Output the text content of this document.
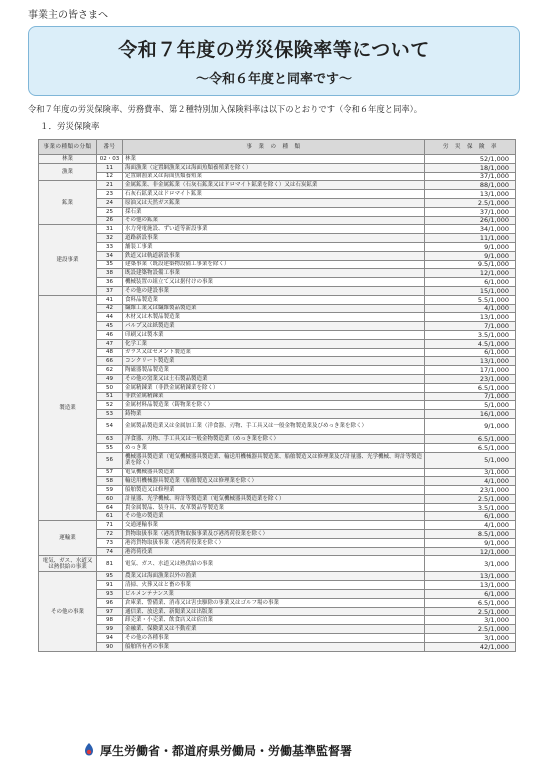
事業主の皆さまへ
令和７年度の労災保険率等について
～令和６年度と同率です～
令和７年度の労災保険率、労務費率、第２種特別加入保険料率は以下のとおりです（令和６年度と同率）。
１．労災保険率
事業の種類の分類	番号	事　業　の　種　類	労　災　保　険　率
林業	02・03	林業	52/1,000
漁業	11	海面漁業（定置網漁業又は海面魚類養殖業を除く）	18/1,000
	12	定置網漁業又は海面魚類養殖業	37/1,000
鉱業	21	金属鉱業、非金属鉱業（石灰石鉱業又はドロマイト鉱業を除く）又は石炭鉱業	88/1,000
	23	石灰石鉱業又はドロマイト鉱業	13/1,000
	24	原油又は天然ガス鉱業	2.5/1,000
	25	採石業	37/1,000
	26	その他の鉱業	26/1,000
建設事業	31	水力発電施設、ずい道等新設事業	34/1,000
	32	道路新設事業	11/1,000
	33	舗装工事業	9/1,000
	34	鉄道又は軌道新設事業	9/1,000
	35	建築事業（既設建築物設備工事業を除く）	9.5/1,000
	38	既設建築物設備工事業	12/1,000
	36	機械装置の組立て又は据付けの事業	6/1,000
	37	その他の建設事業	15/1,000
製造業	41	食料品製造業	5.5/1,000
	42	繊維工業又は繊維製品製造業	4/1,000
	44	木材又は木製品製造業	13/1,000
	45	パルプ又は紙製造業	7/1,000
	46	印刷又は製本業	3.5/1,000
	47	化学工業	4.5/1,000
	48	ガラス又はセメント製造業	6/1,000
	66	コンクリート製造業	13/1,000
	62	陶磁器製品製造業	17/1,000
	49	その他の窯業又は土石製品製造業	23/1,000
	50	金属精錬業（非鉄金属精錬業を除く）	6.5/1,000
	51	非鉄金属精錬業	7/1,000
	52	金属材料品製造業（鋳物業を除く）	5/1,000
	53	鋳物業	16/1,000
	54	金属製品製造業又は金属加工業（洋食器、刃物、手工具又は一般金物製造業及びめっき業を除く）	9/1,000
	63	洋食器、刃物、手工具又は一般金物製造業（めっき業を除く）	6.5/1,000
	55	めっき業	6.5/1,000
	56	機械器具製造業（電気機械器具製造業、輸送用機械器具製造業、船舶製造又は修理業及び計量器、光学機械、時計等製造業を除く）	5/1,000
	57	電気機械器具製造業	3/1,000
	58	輸送用機械器具製造業（船舶製造又は修理業を除く）	4/1,000
	59	船舶製造又は修理業	23/1,000
	60	計量器、光学機械、時計等製造業（電気機械器具製造業を除く）	2.5/1,000
	64	貴金属製品、装身具、皮革製品等製造業	3.5/1,000
	61	その他の製造業	6/1,000
運輸業	71	交通運輸事業	4/1,000
	72	貨物取扱事業（港湾貨物取扱事業及び港湾荷役業を除く）	8.5/1,000
	73	港湾貨物取扱事業（港湾荷役業を除く）	9/1,000
	74	港湾荷役業	12/1,000
電気、ガス、水道又は熱供給の事業	81	電気、ガス、水道又は熱供給の事業	3/1,000
その他の事業	95	農業又は海面漁業以外の漁業	13/1,000
	91	清掃、火葬又はと畜の事業	13/1,000
	93	ビルメンテナンス業	6/1,000
	96	倉庫業、警備業、消毒又は害虫駆除の事業又はゴルフ場の事業	6.5/1,000
	97	通信業、放送業、新聞業又は出版業	2.5/1,000
	98	卸売業・小売業、飲食店又は宿泊業	3/1,000
	99	金融業、保険業又は不動産業	2.5/1,000
	94	その他の各種事業	3/1,000
	90	船舶所有者の事業	42/1,000
厚生労働省・都道府県労働局・労働基準監督署
